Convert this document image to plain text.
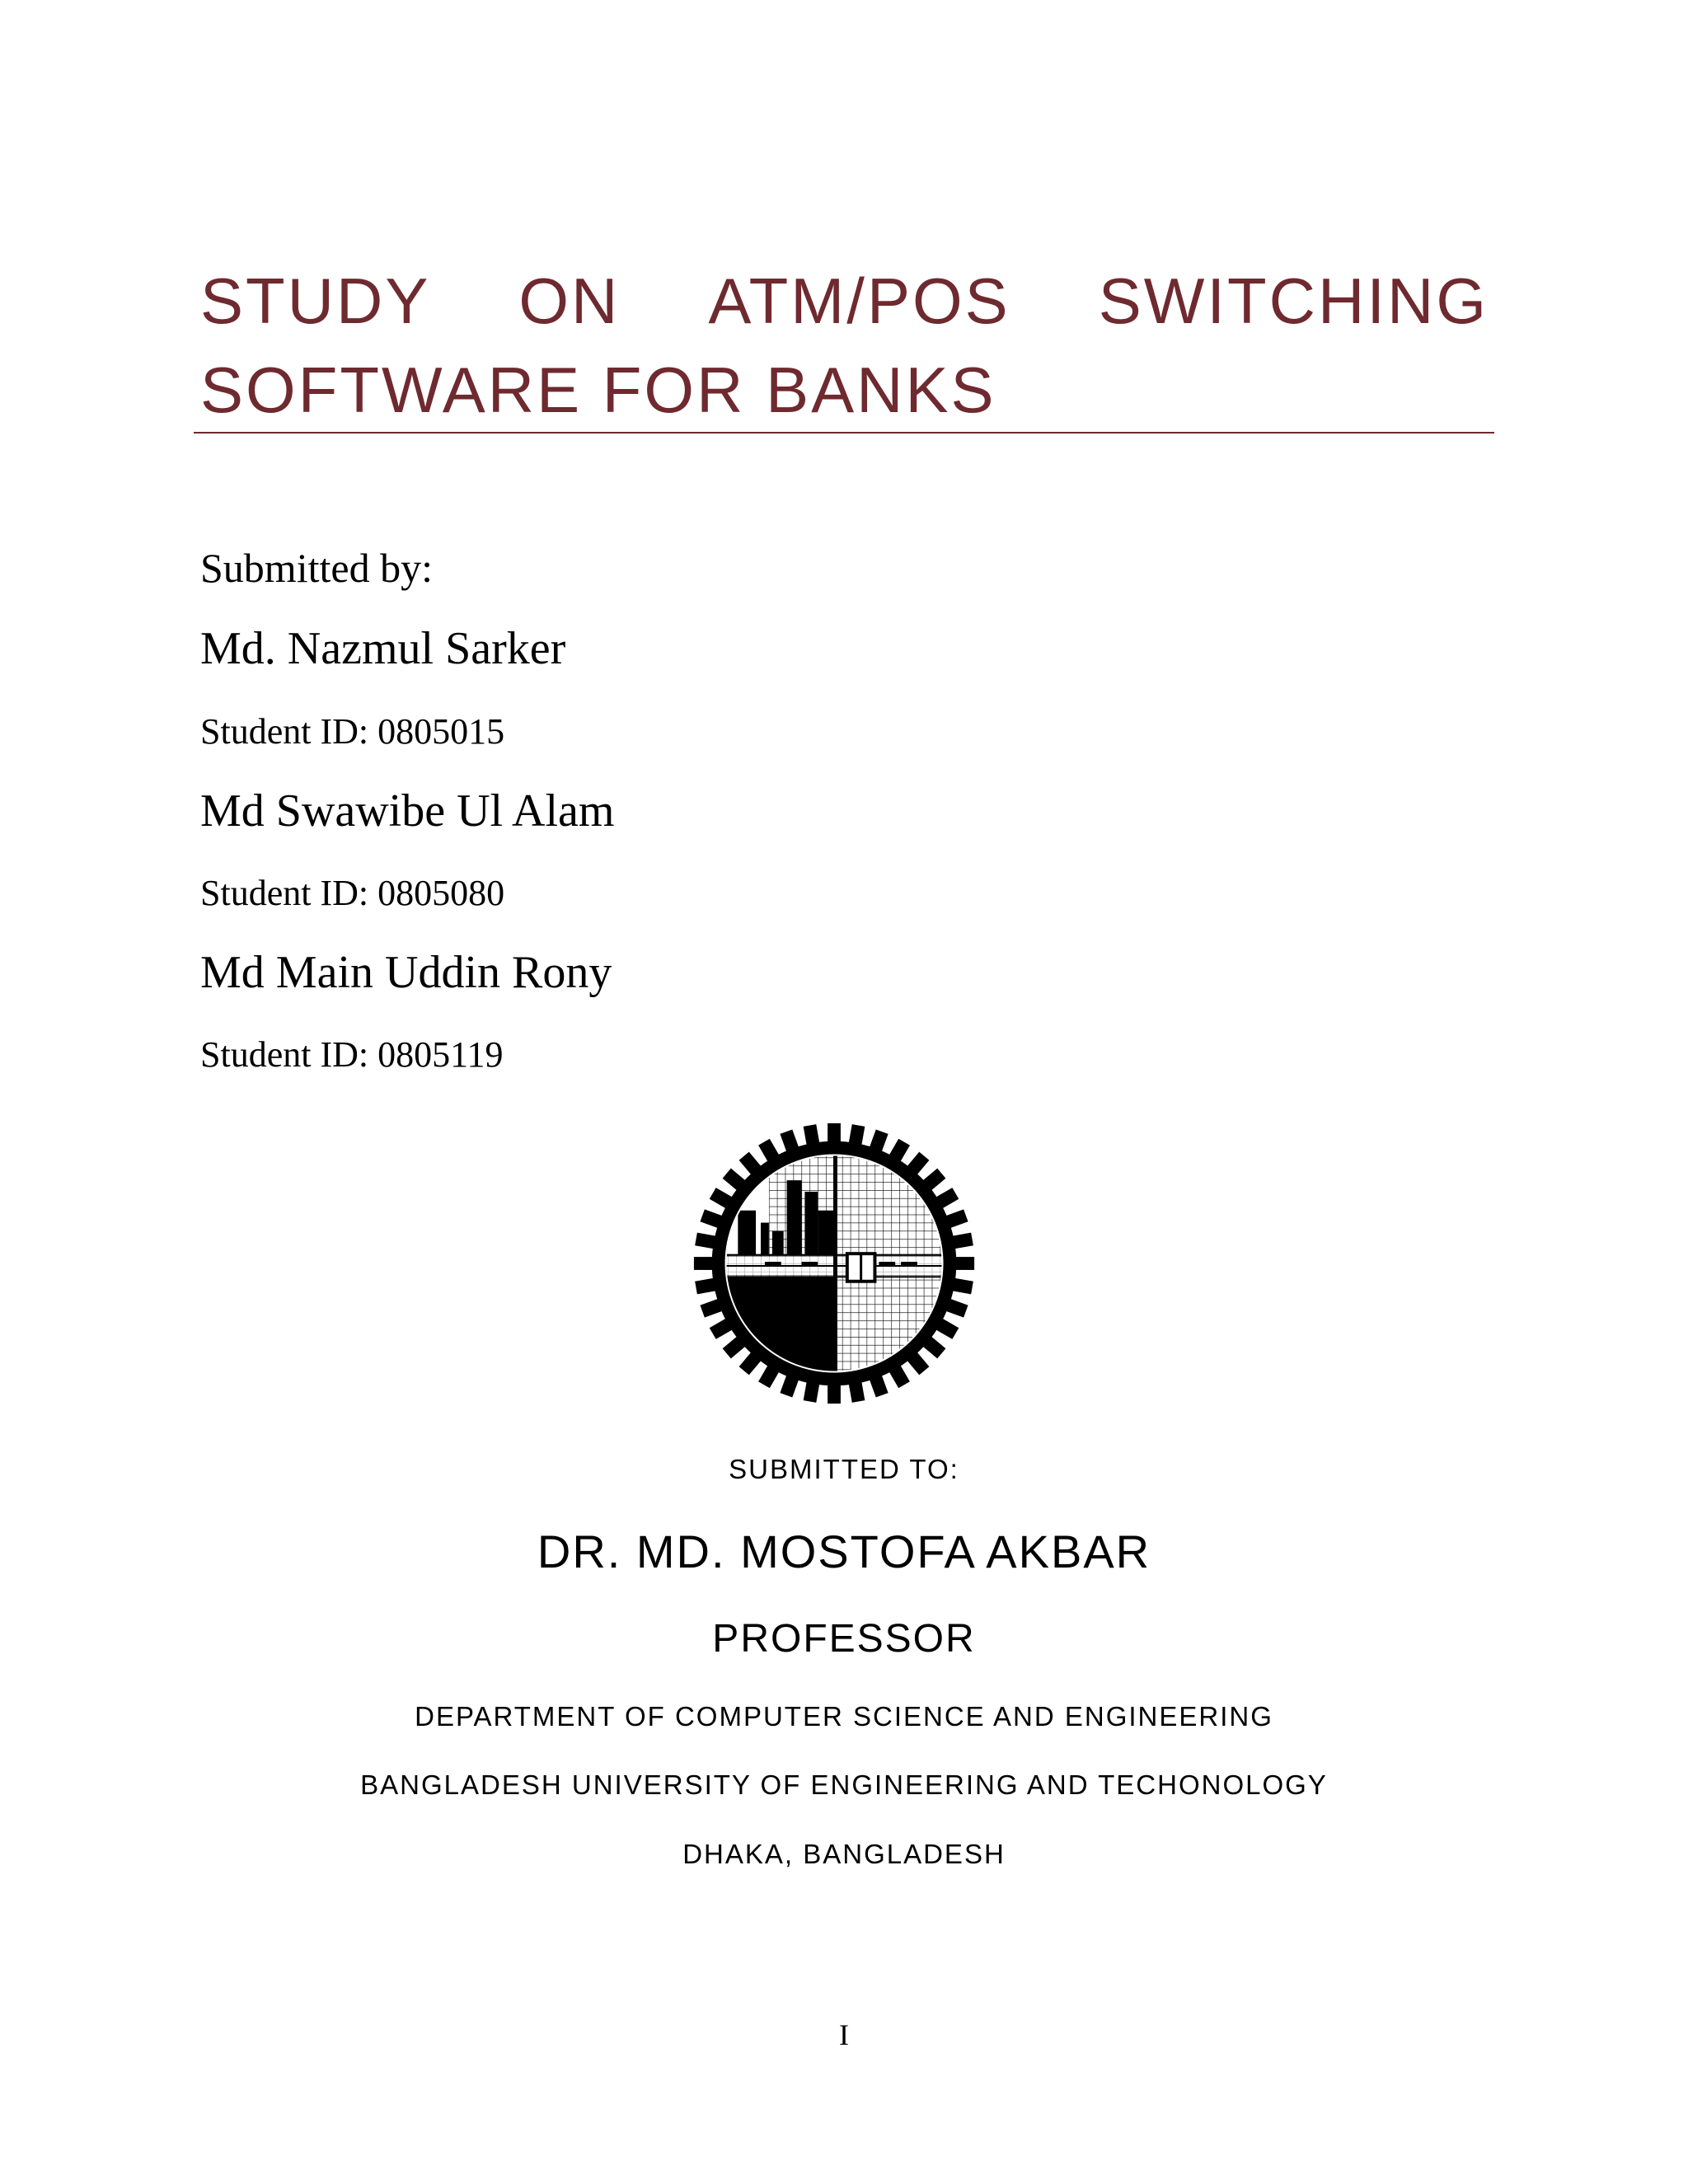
STUDY ON ATM/POS SWITCHING
SOFTWARE FOR BANKS
Submitted by:
Md. Nazmul Sarker
Student ID: 0805015
Md Swawibe Ul Alam
Student ID: 0805080
Md Main Uddin Rony
Student ID: 0805119
SUBMITTED TO:
DR. MD. MOSTOFA AKBAR
PROFESSOR
DEPARTMENT OF COMPUTER SCIENCE AND ENGINEERING
BANGLADESH UNIVERSITY OF ENGINEERING AND TECHONOLOGY
DHAKA, BANGLADESH
I
